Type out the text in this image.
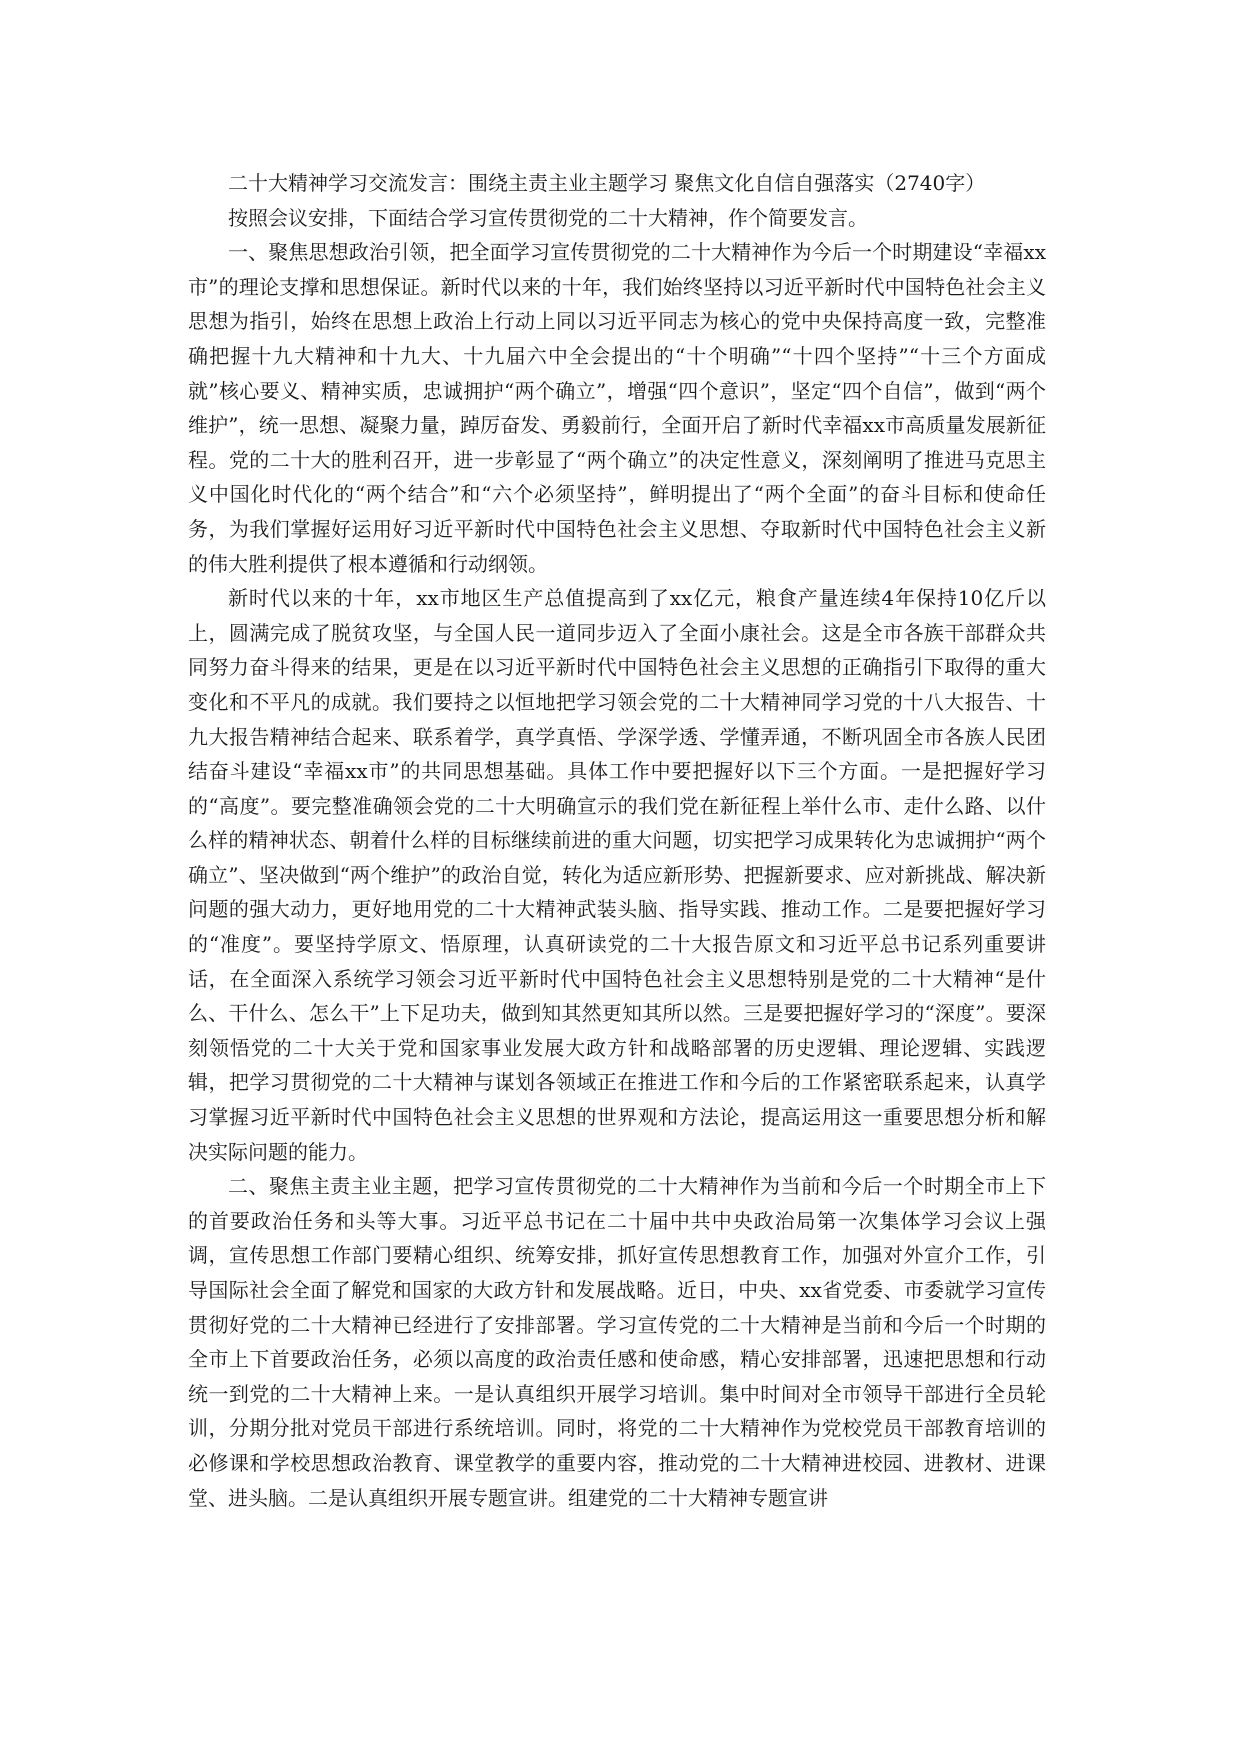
二十大精神学习交流发言：围绕主责主业主题学习 聚焦文化自信自强落实（2740字）

按照会议安排，下面结合学习宣传贯彻党的二十大精神，作个简要发言。

一、聚焦思想政治引领，把全面学习宣传贯彻党的二十大精神作为今后一个时期建设“幸福xx市”的理论支撑和思想保证。新时代以来的十年，我们始终坚持以习近平新时代中国特色社会主义思想为指引，始终在思想上政治上行动上同以习近平同志为核心的党中央保持高度一致，完整准确把握十九大精神和十九大、十九届六中全会提出的“十个明确”“十四个坚持”“十三个方面成就”核心要义、精神实质，忠诚拥护“两个确立”，增强“四个意识”，坚定“四个自信”，做到“两个维护”，统一思想、凝聚力量，踔厉奋发、勇毅前行，全面开启了新时代幸福xx市高质量发展新征程。党的二十大的胜利召开，进一步彰显了“两个确立”的决定性意义，深刻阐明了推进马克思主义中国化时代化的“两个结合”和“六个必须坚持”，鲜明提出了“两个全面”的奋斗目标和使命任务，为我们掌握好运用好习近平新时代中国特色社会主义思想、夺取新时代中国特色社会主义新的伟大胜利提供了根本遵循和行动纲领。

新时代以来的十年，xx市地区生产总值提高到了xx亿元，粮食产量连续4年保持10亿斤以上，圆满完成了脱贫攻坚，与全国人民一道同步迈入了全面小康社会。这是全市各族干部群众共同努力奋斗得来的结果，更是在以习近平新时代中国特色社会主义思想的正确指引下取得的重大变化和不平凡的成就。我们要持之以恒地把学习领会党的二十大精神同学习党的十八大报告、十九大报告精神结合起来、联系着学，真学真悟、学深学透、学懂弄通，不断巩固全市各族人民团结奋斗建设“幸福xx市”的共同思想基础。具体工作中要把握好以下三个方面。一是把握好学习的“高度”。要完整准确领会党的二十大明确宣示的我们党在新征程上举什么市、走什么路、以什么样的精神状态、朝着什么样的目标继续前进的重大问题，切实把学习成果转化为忠诚拥护“两个确立”、坚决做到“两个维护”的政治自觉，转化为适应新形势、把握新要求、应对新挑战、解决新问题的强大动力，更好地用党的二十大精神武装头脑、指导实践、推动工作。二是要把握好学习的“准度”。要坚持学原文、悟原理，认真研读党的二十大报告原文和习近平总书记系列重要讲话，在全面深入系统学习领会习近平新时代中国特色社会主义思想特别是党的二十大精神“是什么、干什么、怎么干”上下足功夫，做到知其然更知其所以然。三是要把握好学习的“深度”。要深刻领悟党的二十大关于党和国家事业发展大政方针和战略部署的历史逻辑、理论逻辑、实践逻辑，把学习贯彻党的二十大精神与谋划各领域正在推进工作和今后的工作紧密联系起来，认真学习掌握习近平新时代中国特色社会主义思想的世界观和方法论，提高运用这一重要思想分析和解决实际问题的能力。

二、聚焦主责主业主题，把学习宣传贯彻党的二十大精神作为当前和今后一个时期全市上下的首要政治任务和头等大事。习近平总书记在二十届中共中央政治局第一次集体学习会议上强调，宣传思想工作部门要精心组织、统筹安排，抓好宣传思想教育工作，加强对外宣介工作，引导国际社会全面了解党和国家的大政方针和发展战略。近日，中央、xx省党委、市委就学习宣传贯彻好党的二十大精神已经进行了安排部署。学习宣传党的二十大精神是当前和今后一个时期的全市上下首要政治任务，必须以高度的政治责任感和使命感，精心安排部署，迅速把思想和行动统一到党的二十大精神上来。一是认真组织开展学习培训。集中时间对全市领导干部进行全员轮训，分期分批对党员干部进行系统培训。同时，将党的二十大精神作为党校党员干部教育培训的必修课和学校思想政治教育、课堂教学的重要内容，推动党的二十大精神进校园、进教材、进课堂、进头脑。二是认真组织开展专题宣讲。组建党的二十大精神专题宣讲
